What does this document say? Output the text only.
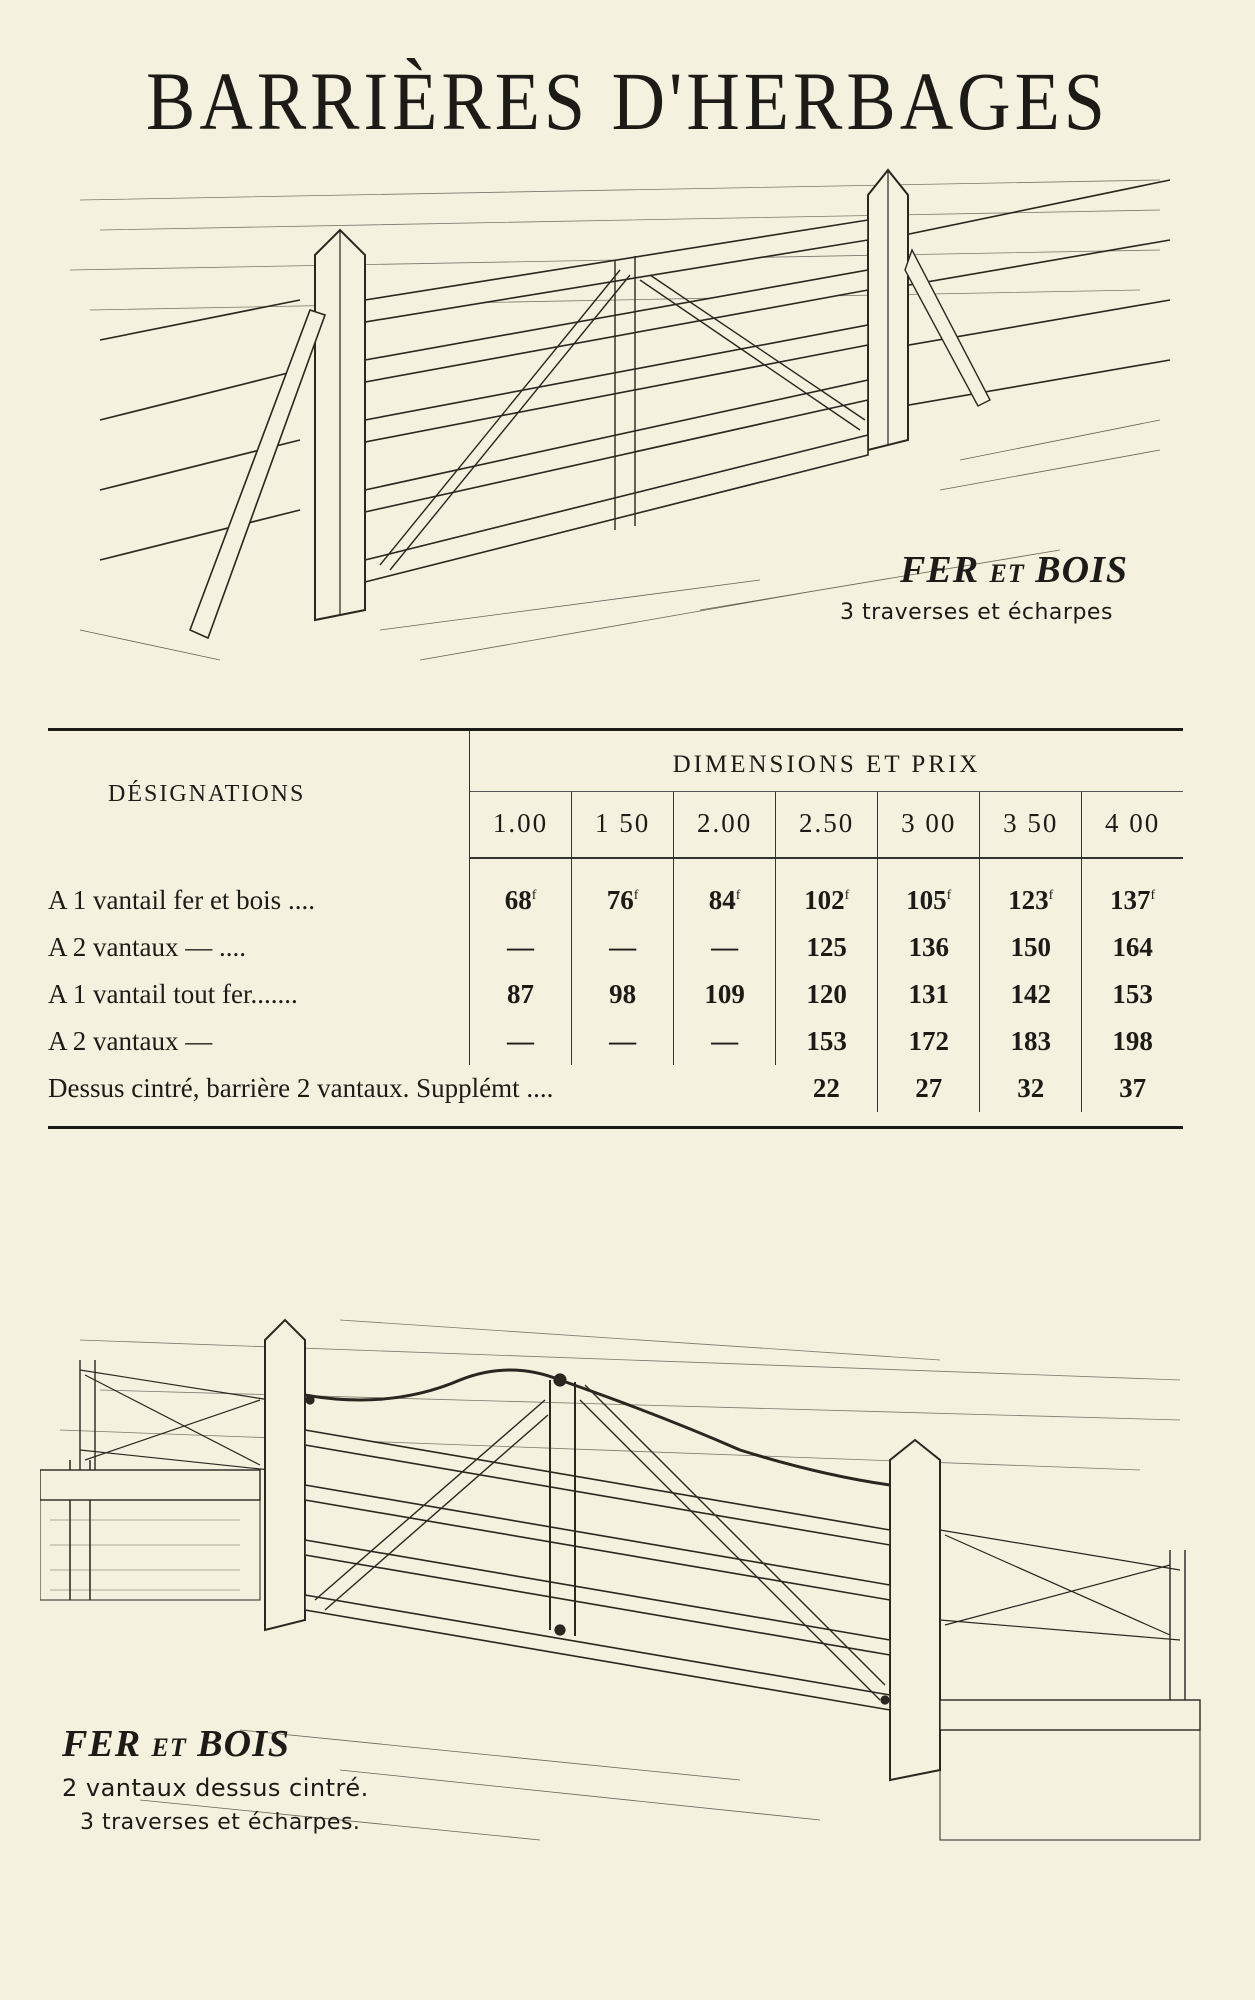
BARRIÈRES D'HERBAGES
FER ET BOIS
3 traverses et écharpes
DÉSIGNATIONS	DIMENSIONS ET PRIX						
	1.00	1 50	2.00	2.50	3 00	3 50	4 00

A 1 vantail fer et bois ....	68$^f$	76$^f$	84$^f$	102$^f$	105$^f$	123$^f$	137$^f$
A 2 vantaux — ....	—	—	—	125	136	150	164
A 1 vantail tout fer.......	87	98	109	120	131	142	153
A 2 vantaux —	—	—	—	153	172	183	198
Dessus cintré, barrière 2 vantaux. Supplémt ....				22	27	32	37
FER ET BOIS
2 vantaux dessus cintré.
3 traverses et écharpes.
